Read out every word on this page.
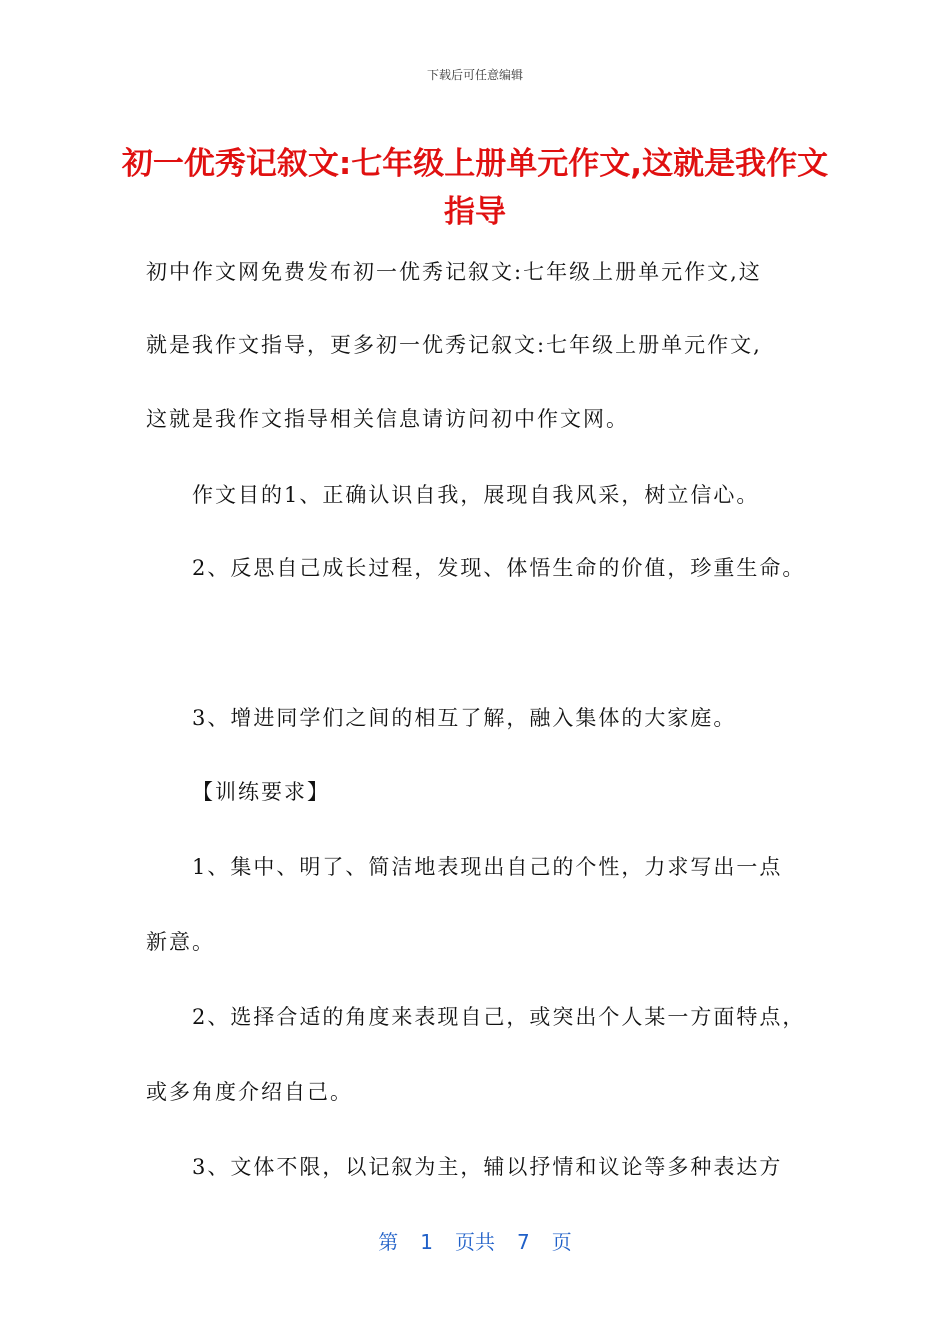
下载后可任意编辑
初一优秀记叙文:七年级上册单元作文,这就是我作文指导
初中作文网免费发布初一优秀记叙文:七年级上册单元作文,这
就是我作文指导，更多初一优秀记叙文:七年级上册单元作文,
这就是我作文指导相关信息请访问初中作文网。
作文目的1、正确认识自我，展现自我风采，树立信心。
2、反思自己成长过程，发现、体悟生命的价值，珍重生命。
3、增进同学们之间的相互了解，融入集体的大家庭。
【训练要求】
1、集中、明了、简洁地表现出自己的个性，力求写出一点
新意。
2、选择合适的角度来表现自己，或突出个人某一方面特点，
或多角度介绍自己。
3、文体不限，以记叙为主，辅以抒情和议论等多种表达方
第 1 页共 7 页
